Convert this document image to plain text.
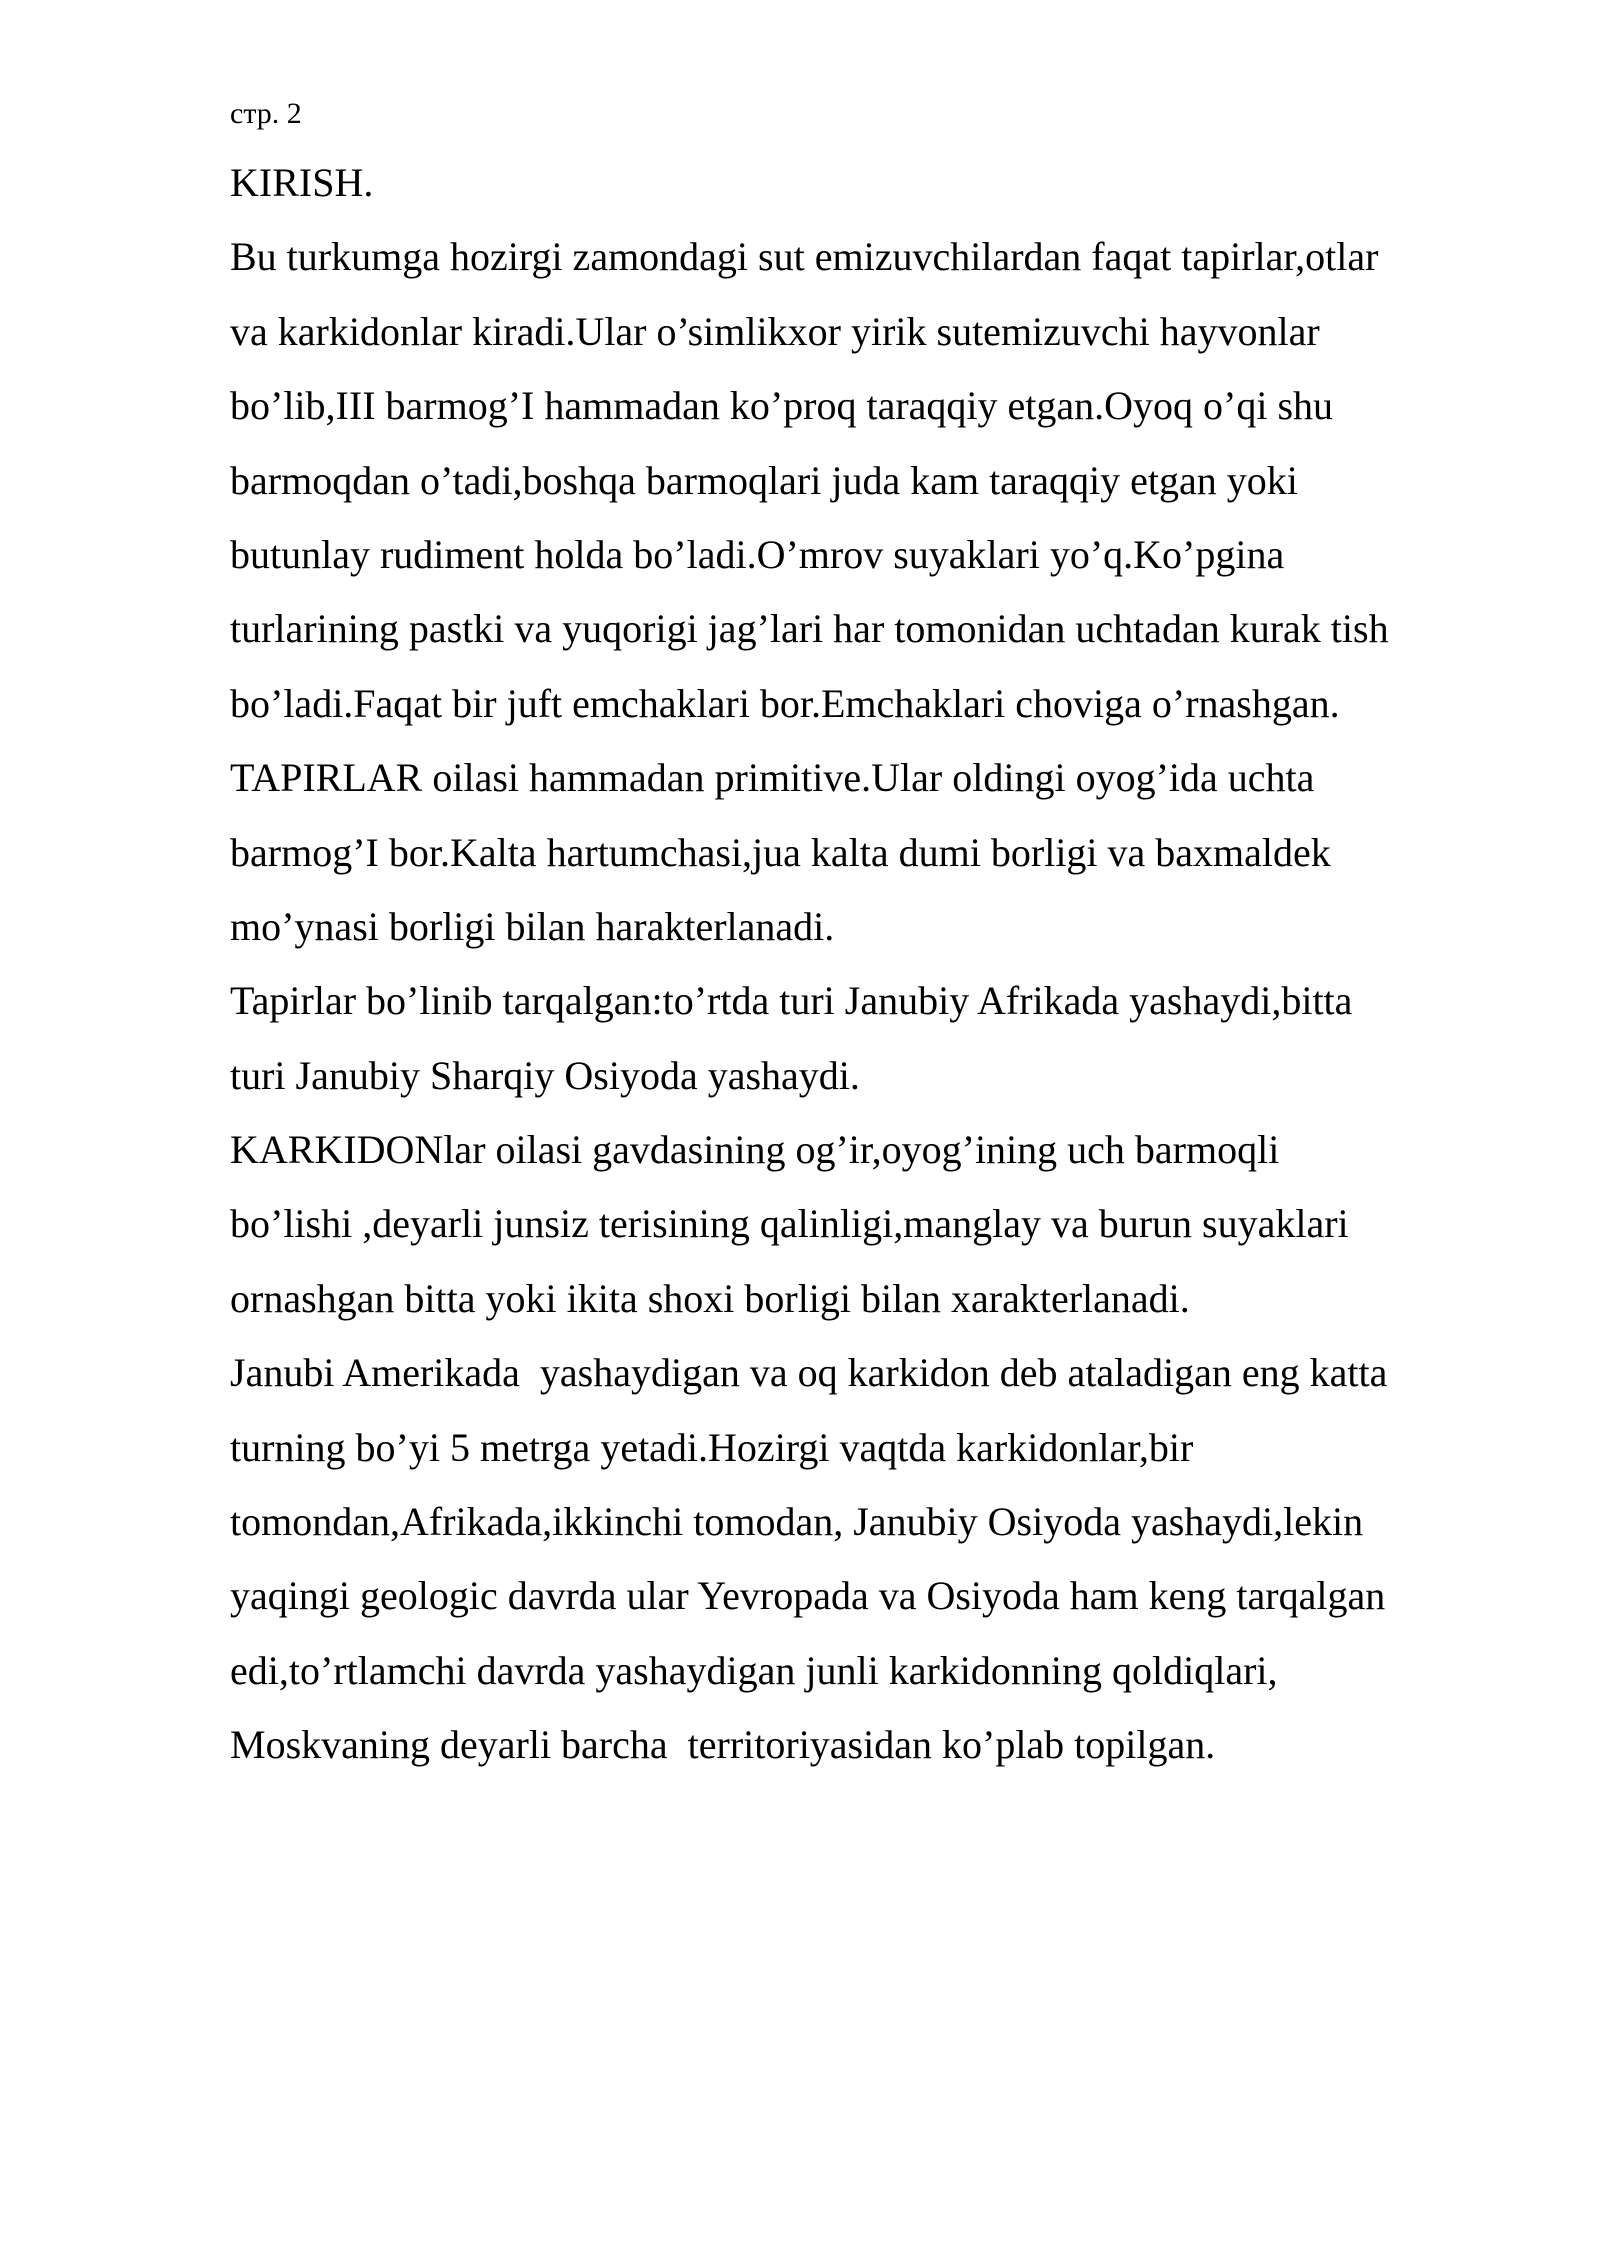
стр. 2
KIRISH.
Bu turkumga hozirgi zamondagi sut emizuvchilardan faqat tapirlar,otlar
va karkidonlar kiradi.Ular o’simlikxor yirik sutemizuvchi hayvonlar
bo’lib,III barmog’I hammadan ko’proq taraqqiy etgan.Oyoq o’qi shu
barmoqdan o’tadi,boshqa barmoqlari juda kam taraqqiy etgan yoki
butunlay rudiment holda bo’ladi.O’mrov suyaklari yo’q.Ko’pgina
turlarining pastki va yuqorigi jag’lari har tomonidan uchtadan kurak tish
bo’ladi.Faqat bir juft emchaklari bor.Emchaklari choviga o’rnashgan.
TAPIRLAR oilasi hammadan primitive.Ular oldingi oyog’ida uchta
barmog’I bor.Kalta hartumchasi,jua kalta dumi borligi va baxmaldek
mo’ynasi borligi bilan harakterlanadi.
Tapirlar bo’linib tarqalgan:to’rtda turi Janubiy Afrikada yashaydi,bitta
turi Janubiy Sharqiy Osiyoda yashaydi.
KARKIDONlar oilasi gavdasining og’ir,oyog’ining uch barmoqli
bo’lishi ,deyarli junsiz terisining qalinligi,manglay va burun suyaklari
ornashgan bitta yoki ikita shoxi borligi bilan xarakterlanadi.
Janubi Amerikada  yashaydigan va oq karkidon deb ataladigan eng katta
turning bo’yi 5 metrga yetadi.Hozirgi vaqtda karkidonlar,bir
tomondan,Afrikada,ikkinchi tomodan, Janubiy Osiyoda yashaydi,lekin
yaqingi geologic davrda ular Yevropada va Osiyoda ham keng tarqalgan
edi,to’rtlamchi davrda yashaydigan junli karkidonning qoldiqlari,
Moskvaning deyarli barcha  territoriyasidan ko’plab topilgan.
